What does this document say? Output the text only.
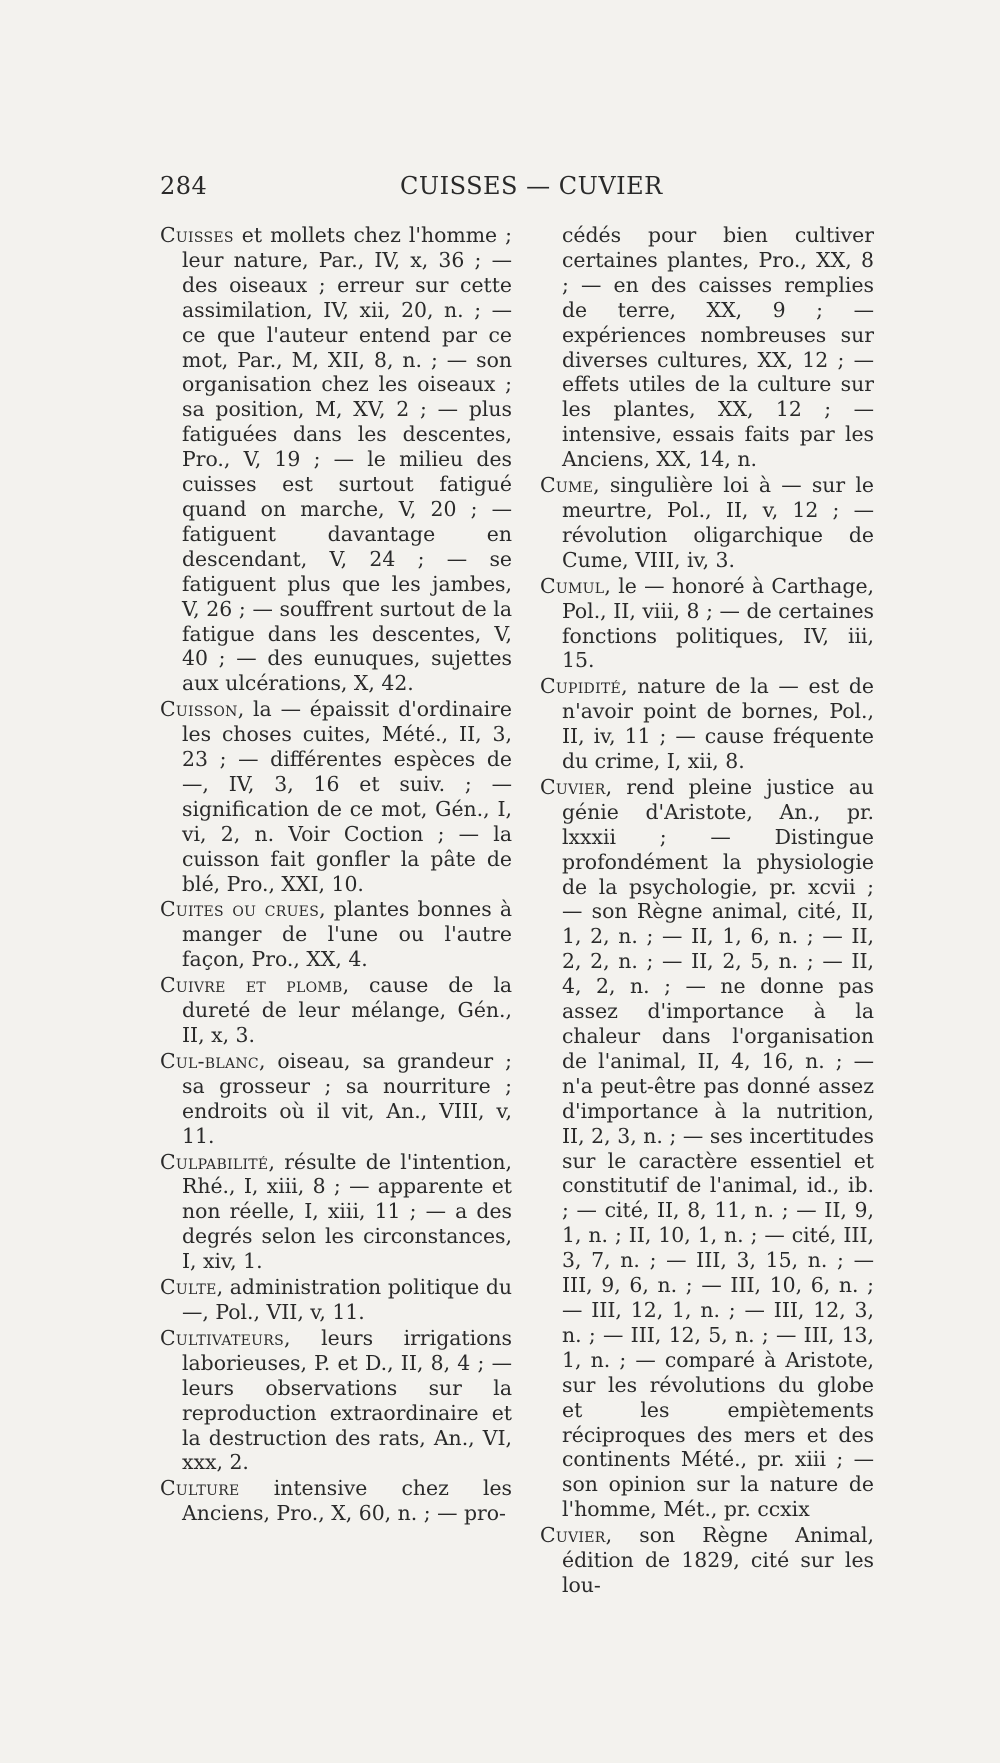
284	CUISSES — CUVIER

Cuisses et mollets chez l'homme ; leur nature, Par., IV, x, 36 ; — des oiseaux ; erreur sur cette assimilation, IV, xii, 20, n. ; — ce que l'auteur entend par ce mot, Par., M, XII, 8, n. ; — son organisation chez les oiseaux ; sa position, M, XV, 2 ; — plus fatiguées dans les descentes, Pro., V, 19 ; — le milieu des cuisses est surtout fatigué quand on marche, V, 20 ; — fatiguent davantage en descendant, V, 24 ; — se fatiguent plus que les jambes, V, 26 ; — souffrent surtout de la fatigue dans les descentes, V, 40 ; — des eunuques, sujettes aux ulcérations, X, 42.

Cuisson, la — épaissit d'ordinaire les choses cuites, Mété., II, 3, 23 ; — différentes espèces de —, IV, 3, 16 et suiv. ; — signification de ce mot, Gén., I, vi, 2, n. Voir Coction ; — la cuisson fait gonfler la pâte de blé, Pro., XXI, 10.

Cuites ou crues, plantes bonnes à manger de l'une ou l'autre façon, Pro., XX, 4.

Cuivre et plomb, cause de la dureté de leur mélange, Gén., II, x, 3.

Cul-blanc, oiseau, sa grandeur ; sa grosseur ; sa nourriture ; endroits où il vit, An., VIII, v, 11.

Culpabilité, résulte de l'intention, Rhé., I, xiii, 8 ; — apparente et non réelle, I, xiii, 11 ; — a des degrés selon les circonstances, I, xiv, 1.

Culte, administration politique du —, Pol., VII, v, 11.

Cultivateurs, leurs irrigations laborieuses, P. et D., II, 8, 4 ; — leurs observations sur la reproduction extraordinaire et la destruction des rats, An., VI, xxx, 2.

Culture intensive chez les Anciens, Pro., X, 60, n. ; — pro-

cédés pour bien cultiver certaines plantes, Pro., XX, 8 ; — en des caisses remplies de terre, XX, 9 ; — expériences nombreuses sur diverses cultures, XX, 12 ; — effets utiles de la culture sur les plantes, XX, 12 ; — intensive, essais faits par les Anciens, XX, 14, n.

Cume, singulière loi à — sur le meurtre, Pol., II, v, 12 ; — révolution oligarchique de Cume, VIII, iv, 3.

Cumul, le — honoré à Carthage, Pol., II, viii, 8 ; — de certaines fonctions politiques, IV, iii, 15.

Cupidité, nature de la — est de n'avoir point de bornes, Pol., II, iv, 11 ; — cause fréquente du crime, I, xii, 8.

Cuvier, rend pleine justice au génie d'Aristote, An., pr. lxxxii ; — Distingue profondément la physiologie de la psychologie, pr. xcvii ; — son Règne animal, cité, II, 1, 2, n. ; — II, 1, 6, n. ; — II, 2, 2, n. ; — II, 2, 5, n. ; — II, 4, 2, n. ; — ne donne pas assez d'importance à la chaleur dans l'organisation de l'animal, II, 4, 16, n. ; — n'a peut-être pas donné assez d'importance à la nutrition, II, 2, 3, n. ; — ses incertitudes sur le caractère essentiel et constitutif de l'animal, id., ib. ; — cité, II, 8, 11, n. ; — II, 9, 1, n. ; II, 10, 1, n. ; — cité, III, 3, 7, n. ; — III, 3, 15, n. ; — III, 9, 6, n. ; — III, 10, 6, n. ; — III, 12, 1, n. ; — III, 12, 3, n. ; — III, 12, 5, n. ; — III, 13, 1, n. ; — comparé à Aristote, sur les révolutions du globe et les empiètements réciproques des mers et des continents Mété., pr. xiii ; — son opinion sur la nature de l'homme, Mét., pr. ccxix

Cuvier, son Règne Animal, édition de 1829, cité sur les lou-
